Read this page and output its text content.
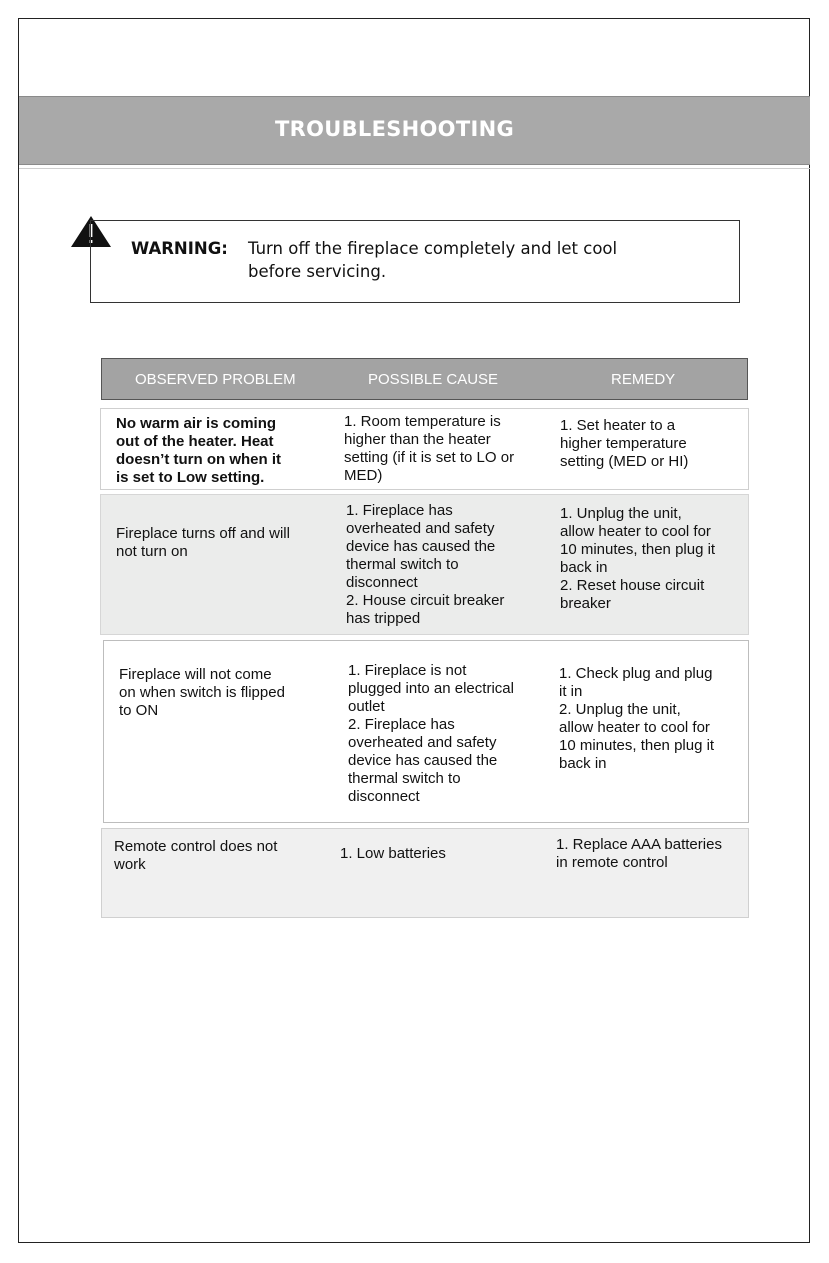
TROUBLESHOOTING
WARNING: Turn off the fireplace completely and let cool
before servicing.
OBSERVED PROBLEM	POSSIBLE CAUSE	REMEDY
No warm air is coming
out of the heater. Heat
doesn’t turn on when it
is set to Low setting.
1. Room temperature is
higher than the heater
setting (if it is set to LO or
MED)
1. Set heater to a
higher temperature
setting (MED or HI)
Fireplace turns off and will
not turn on
1. Fireplace has
overheated and safety
device has caused the
thermal switch to
disconnect
2. House circuit breaker
has tripped
1. Unplug the unit,
allow heater to cool for
10 minutes, then plug it
back in
2. Reset house circuit
breaker
Fireplace will not come
on when switch is flipped
to ON
1. Fireplace is not
plugged into an electrical
outlet
2. Fireplace has
overheated and safety
device has caused the
thermal switch to
disconnect
1. Check plug and plug
it in
2. Unplug the unit,
allow heater to cool for
10 minutes, then plug it
back in
Remote control does not
work
1. Low batteries
1. Replace AAA batteries
in remote control
